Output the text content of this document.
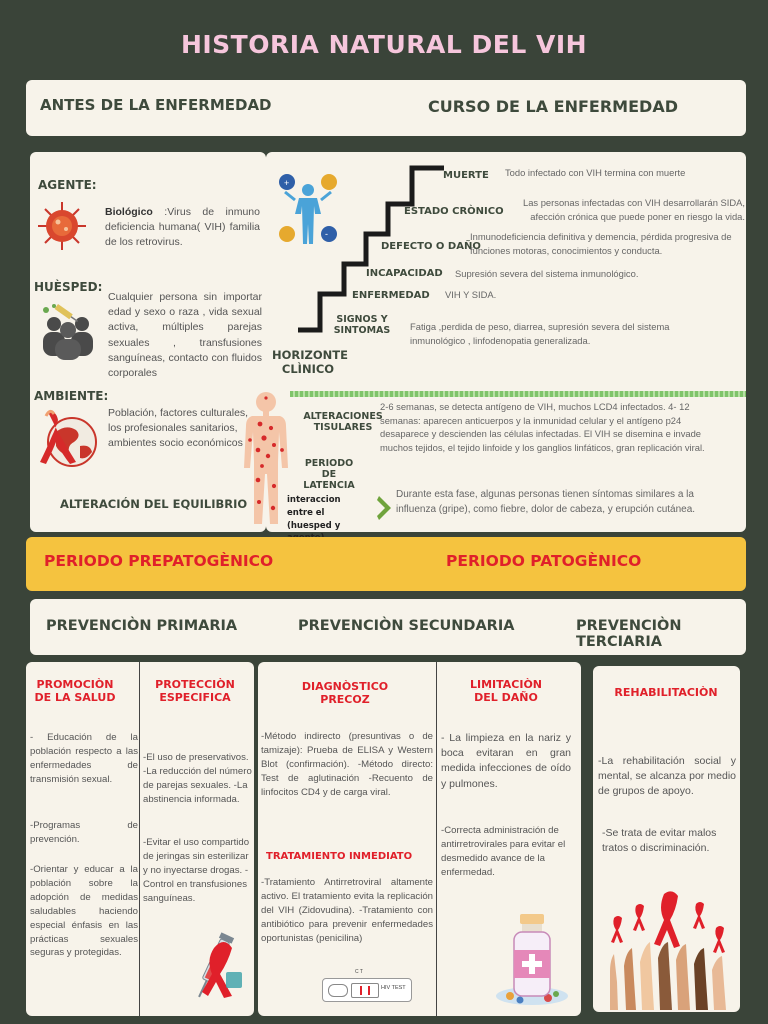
HISTORIA NATURAL DEL VIH
ANTES DE LA ENFERMEDAD	CURSO DE LA ENFERMEDAD
AGENTE:
Biológico :Virus de inmuno deficiencia humana( VIH) familia de los retrovirus.
HUÈSPED:
Cualquier persona sin importar edad y sexo o raza , vida sexual activa, múltiples parejas sexuales , transfusiones sanguíneas, contacto con fluidos corporales
AMBIENTE:
Población, factores culturales, los profesionales sanitarios, ambientes socio económicos
ALTERACIÓN DEL EQUILIBRIO
+
-
MUERTE Todo infectado con VIH termina con muerte
ESTADO CRÒNICO
Las personas infectadas con VIH desarrollarán SIDA, afección crónica que puede poner en riesgo la vida.
DEFECTO O DAÑO
Inmunodeficiencia definitiva y demencia, pérdida progresiva de funciones motoras, conocimientos y conducta.
INCAPACIDAD Supresión severa del sistema inmunológico.
ENFERMEDAD VIH Y SIDA.
SIGNOS Y SINTOMAS	Fatiga ,perdida de peso, diarrea, supresión severa del sistema inmunológico , linfodenopatia generalizada.
HORIZONTE CLÌNICO
ALTERACIONES TISULARES
2-6 semanas, se detecta antígeno de VIH, muchos LCD4 infectados. 4- 12 semanas: aparecen anticuerpos y la inmunidad celular y el antígeno p24 desaparece y descienden las células infectadas. El VIH se disemina e invade muchos tejidos, el tejido linfoide y los ganglios linfáticos, gran replicación viral.
PERIODO DE LATENCIA
interaccion entre el (huesped y
Durante esta fase, algunas personas tienen síntomas similares a la influenza (gripe), como fiebre, dolor de cabeza, y erupción cutánea.
PERIODO PREPATOGÈNICO	PERIODO PATOGÈNICO
PREVENCIÒN PRIMARIA	PREVENCIÒN SECUNDARIA	PREVENCIÒN TERCIARIA
PROMOCIÒN DE LA SALUD
- Educación de la población respecto a las enfermedades de transmisión sexual.
-Programas de prevención.
-Orientar y educar a la población sobre la adopción de medidas saludables haciendo especial énfasis en las prácticas sexuales seguras y protegidas.
PROTECCIÒN ESPECIFICA
-El uso de preservativos. -La reducción del número de parejas sexuales. -La abstinencia informada.
-Evitar el uso compartido de jeringas sin esterilizar y no inyectarse drogas. -Control en transfusiones sanguíneas.
DIAGNÒSTICO PRECOZ
-Método indirecto (presuntivas o de tamizaje): Prueba de ELISA y Western Blot (confirmación). -Método directo: Test de aglutinación -Recuento de linfocitos CD4 y de carga viral.
TRATAMIENTO INMEDIATO
-Tratamiento Antirretroviral altamente activo. El tratamiento evita la replicación del VIH (Zidovudina). -Tratamiento con antibiótico para prevenir enfermedades oportunistas (penicilina)
C T
HIV TEST
LIMITACIÒN DEL DAÑO
- La limpieza en la nariz y boca evitaran en gran medida infecciones de oído y pulmones.
-Correcta administración de antirretrovirales para evitar el desmedido avance de la enfermedad.
REHABILITACIÒN
-La rehabilitación social y mental, se alcanza por medio de grupos de apoyo.
-Se trata de evitar malos tratos o discriminación.
